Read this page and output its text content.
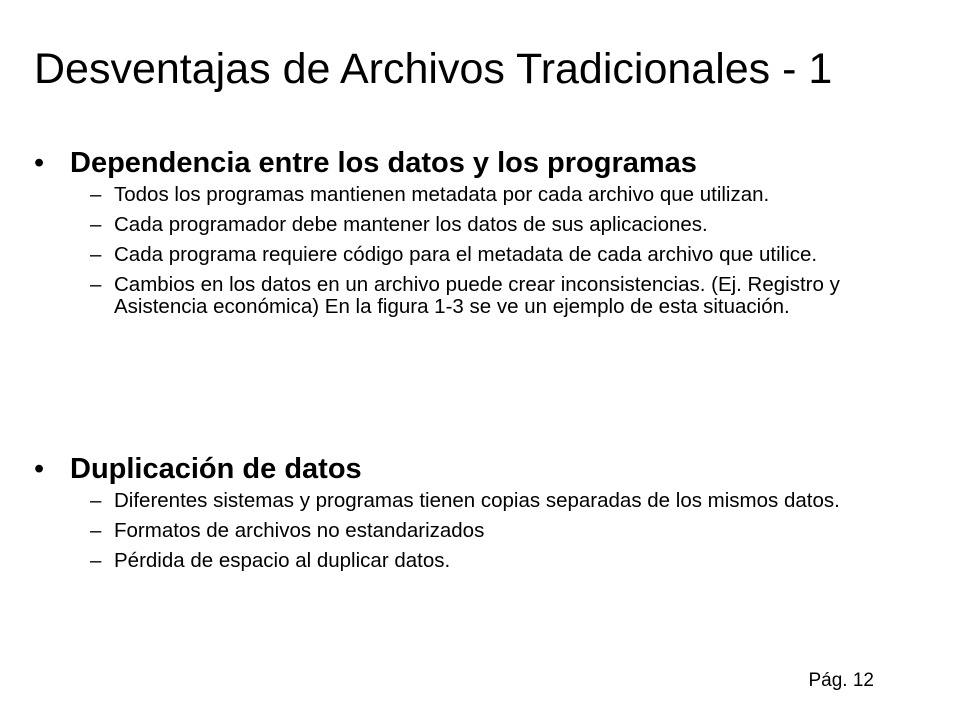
Desventajas de Archivos Tradicionales - 1
• Dependencia entre los datos y los programas
– Todos los programas mantienen metadata por cada archivo que utilizan.
– Cada programador debe mantener los datos de sus aplicaciones.
– Cada programa requiere código para el metadata de cada archivo que utilice.
– Cambios en los datos en un archivo puede crear inconsistencias. (Ej. Registro y Asistencia económica) En la figura 1-3 se ve un ejemplo de esta situación.
• Duplicación de datos
– Diferentes sistemas y programas tienen copias separadas de los mismos datos.
– Formatos de archivos no estandarizados
– Pérdida de espacio al duplicar datos.
Pág. 12
